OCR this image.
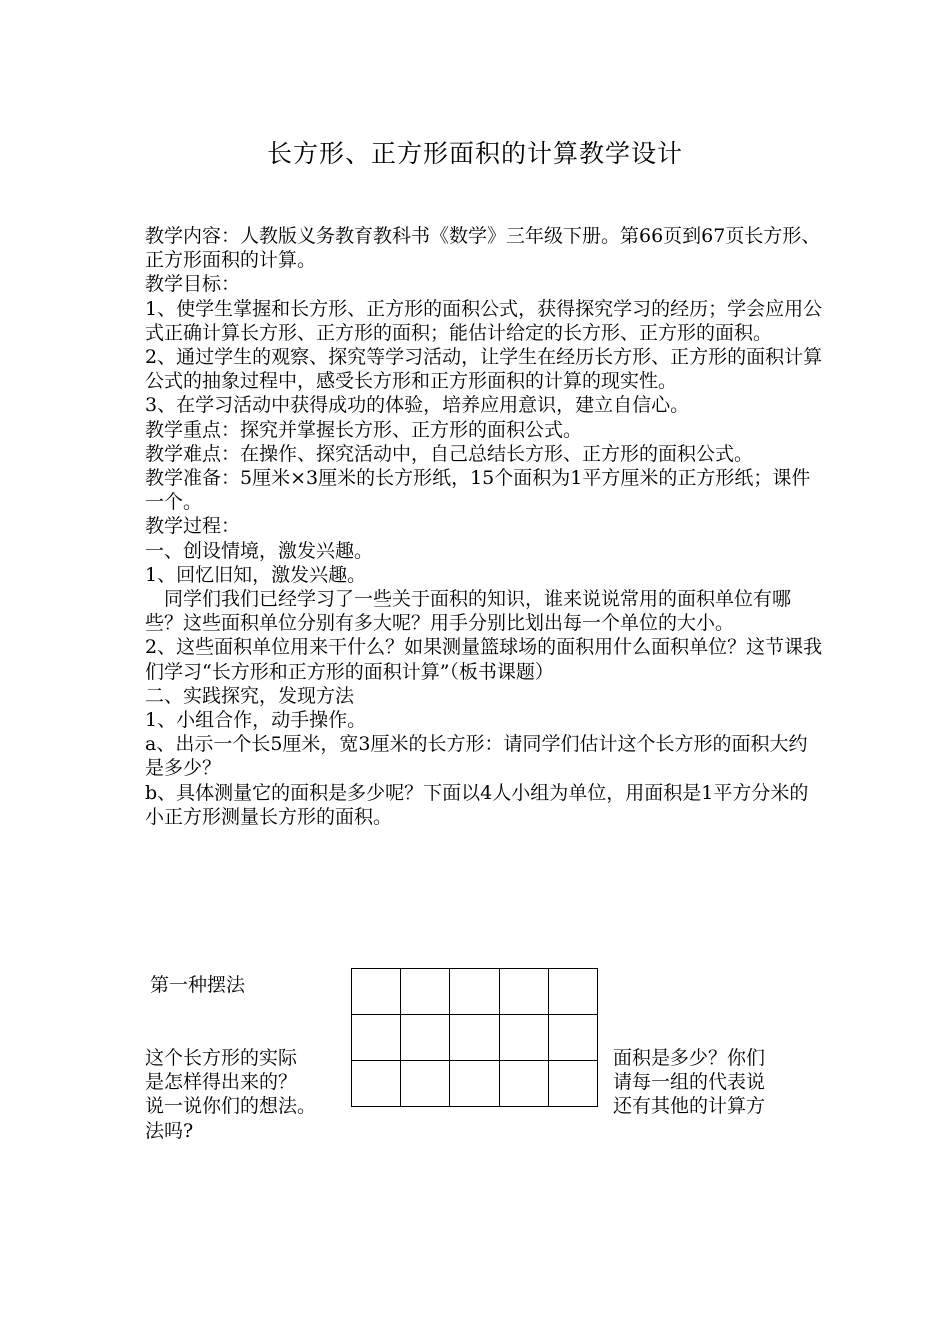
长方形、正方形面积的计算教学设计

教学内容：人教版义务教育教科书《数学》三年级下册。第66页到67页长方形、正方形面积的计算。

教学目标：

1、使学生掌握和长方形、正方形的面积公式，获得探究学习的经历；学会应用公式正确计算长方形、正方形的面积；能估计给定的长方形、正方形的面积。

2、通过学生的观察、探究等学习活动，让学生在经历长方形、正方形的面积计算公式的抽象过程中，感受长方形和正方形面积的计算的现实性。

3、在学习活动中获得成功的体验，培养应用意识，建立自信心。

教学重点：探究并掌握长方形、正方形的面积公式。

教学难点：在操作、探究活动中，自己总结长方形、正方形的面积公式。

教学准备：5厘米×3厘米的长方形纸，15个面积为1平方厘米的正方形纸；课件一个。

教学过程：

一、创设情境，激发兴趣。

1、回忆旧知，激发兴趣。

同学们我们已经学习了一些关于面积的知识，谁来说说常用的面积单位有哪些？这些面积单位分别有多大呢？用手分别比划出每一个单位的大小。

2、这些面积单位用来干什么？如果测量篮球场的面积用什么面积单位？这节课我们学习“长方形和正方形的面积计算”（板书课题）

二、实践探究，发现方法

1、小组合作，动手操作。

a、出示一个长5厘米，宽3厘米的长方形：请同学们估计这个长方形的面积大约是多少？

b、具体测量它的面积是多少呢？下面以4人小组为单位，用面积是1平方分米的小正方形测量长方形的面积。

第一种摆法

这个长方形的实际

是怎样得出来的？

说一说你们的想法。

法吗?

面积是多少？你们

请每一组的代表说

还有其他的计算方
